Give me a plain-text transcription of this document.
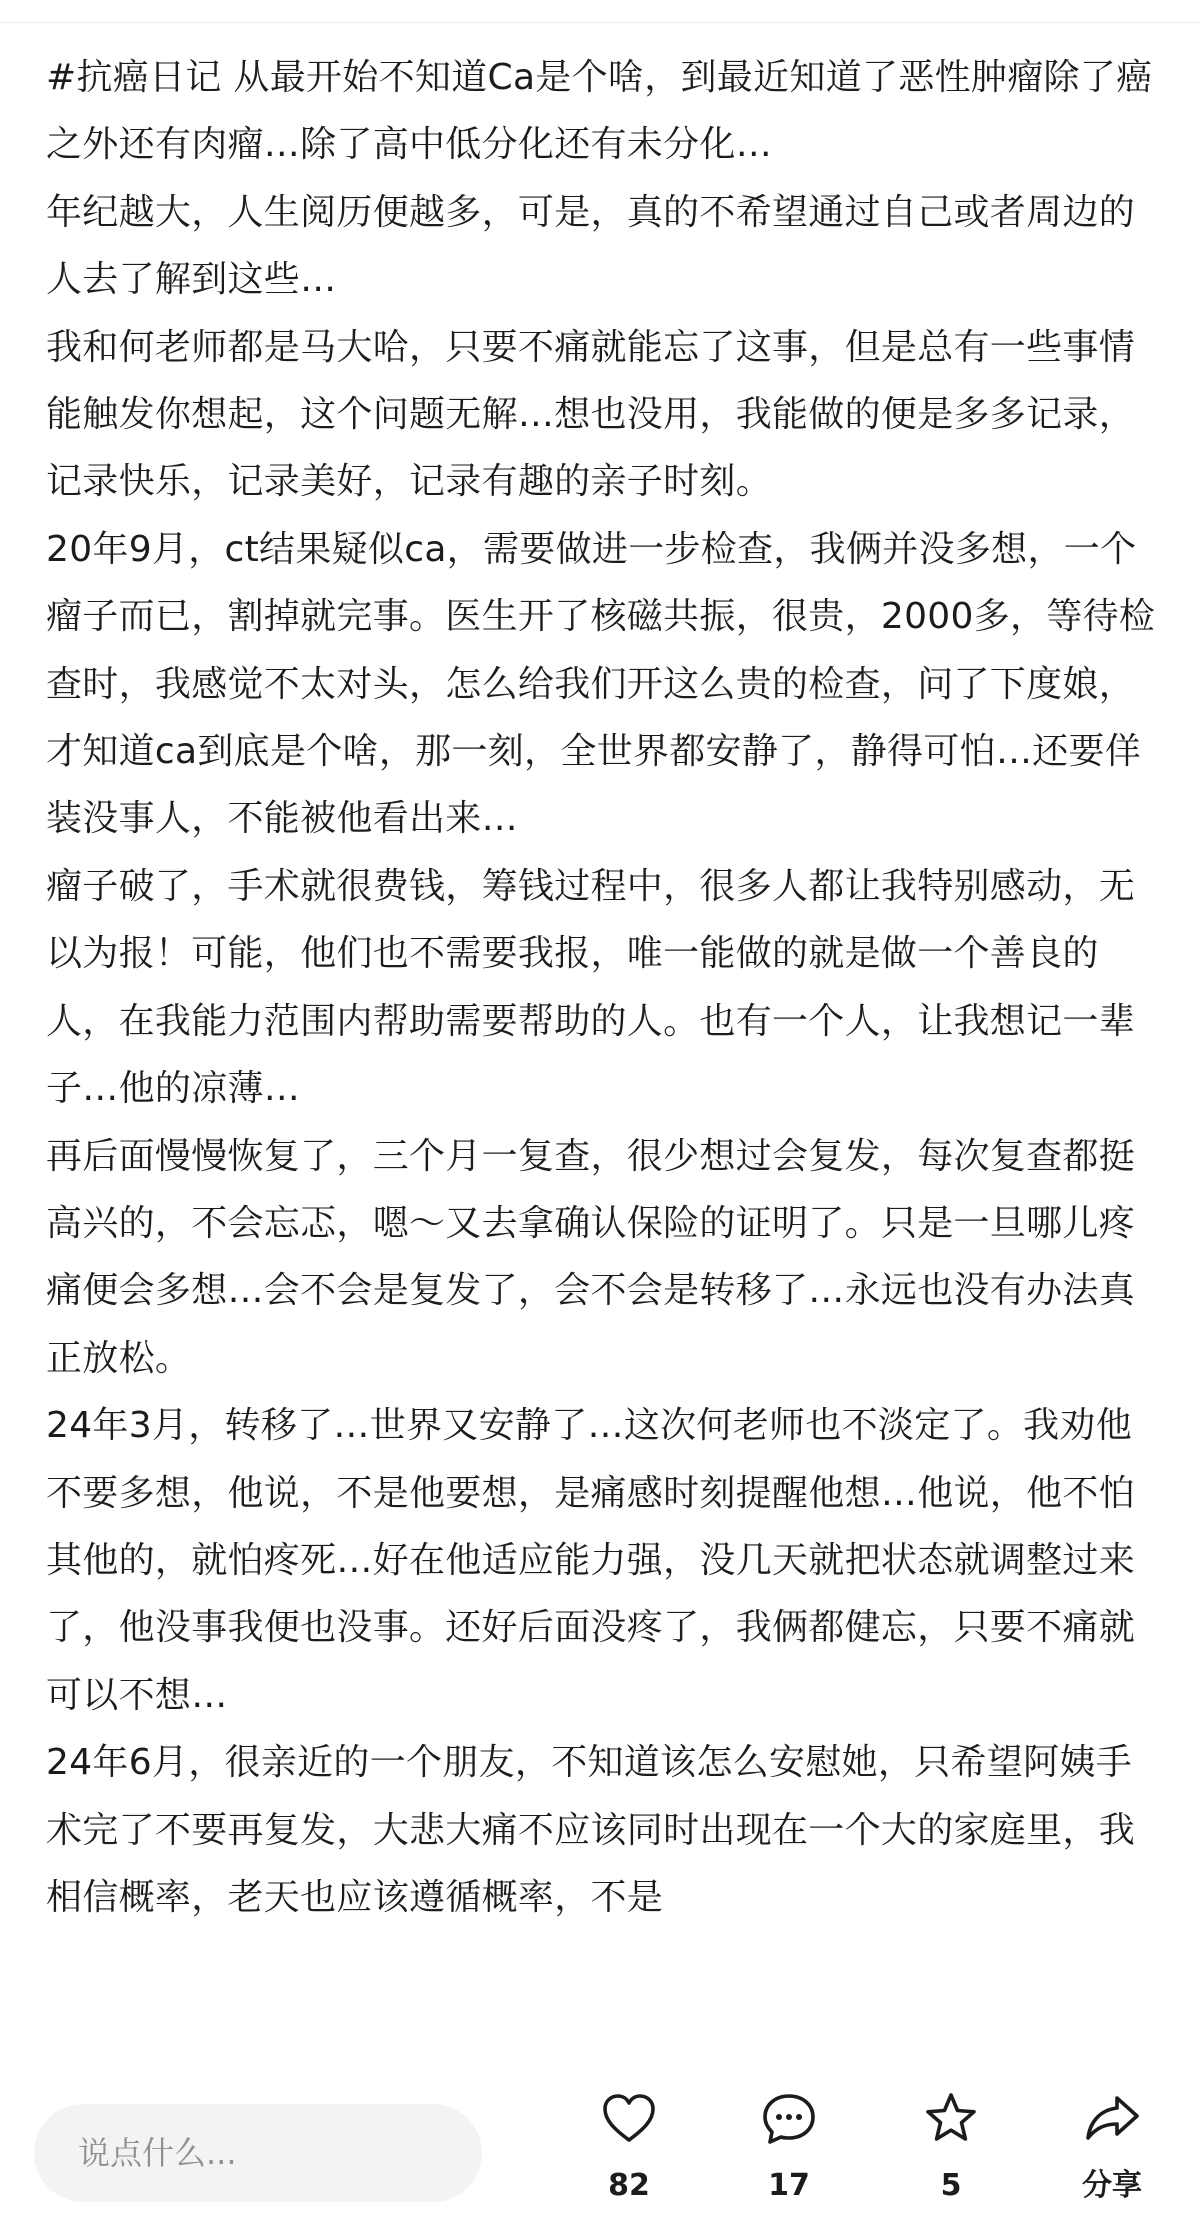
#抗癌日记 从最开始不知道Ca是个啥，到最近知道了恶性肿瘤除了癌之外还有肉瘤…除了高中低分化还有未分化…

年纪越大，人生阅历便越多，可是，真的不希望通过自己或者周边的人去了解到这些…

我和何老师都是马大哈，只要不痛就能忘了这事，但是总有一些事情能触发你想起，这个问题无解…想也没用，我能做的便是多多记录，记录快乐，记录美好，记录有趣的亲子时刻。

20年9月，ct结果疑似ca，需要做进一步检查，我俩并没多想，一个瘤子而已，割掉就完事。医生开了核磁共振，很贵，2000多，等待检查时，我感觉不太对头，怎么给我们开这么贵的检查，问了下度娘，才知道ca到底是个啥，那一刻，全世界都安静了，静得可怕…还要佯装没事人，不能被他看出来…

瘤子破了，手术就很费钱，筹钱过程中，很多人都让我特别感动，无以为报！可能，他们也不需要我报，唯一能做的就是做一个善良的人，在我能力范围内帮助需要帮助的人。也有一个人，让我想记一辈子…他的凉薄…

再后面慢慢恢复了，三个月一复查，很少想过会复发，每次复查都挺高兴的，不会忘忑，嗯～又去拿确认保险的证明了。只是一旦哪儿疼痛便会多想…会不会是复发了，会不会是转移了…永远也没有办法真正放松。

24年3月，转移了…世界又安静了…这次何老师也不淡定了。我劝他不要多想，他说，不是他要想，是痛感时刻提醒他想…他说，他不怕其他的，就怕疼死…好在他适应能力强，没几天就把状态就调整过来了，他没事我便也没事。还好后面没疼了，我俩都健忘，只要不痛就可以不想…

24年6月，很亲近的一个朋友，不知道该怎么安慰她，只希望阿姨手术完了不要再复发，大悲大痛不应该同时出现在一个大的家庭里，我相信概率，老天也应该遵循概率，不是

说点什么...
82	17	5	分享
